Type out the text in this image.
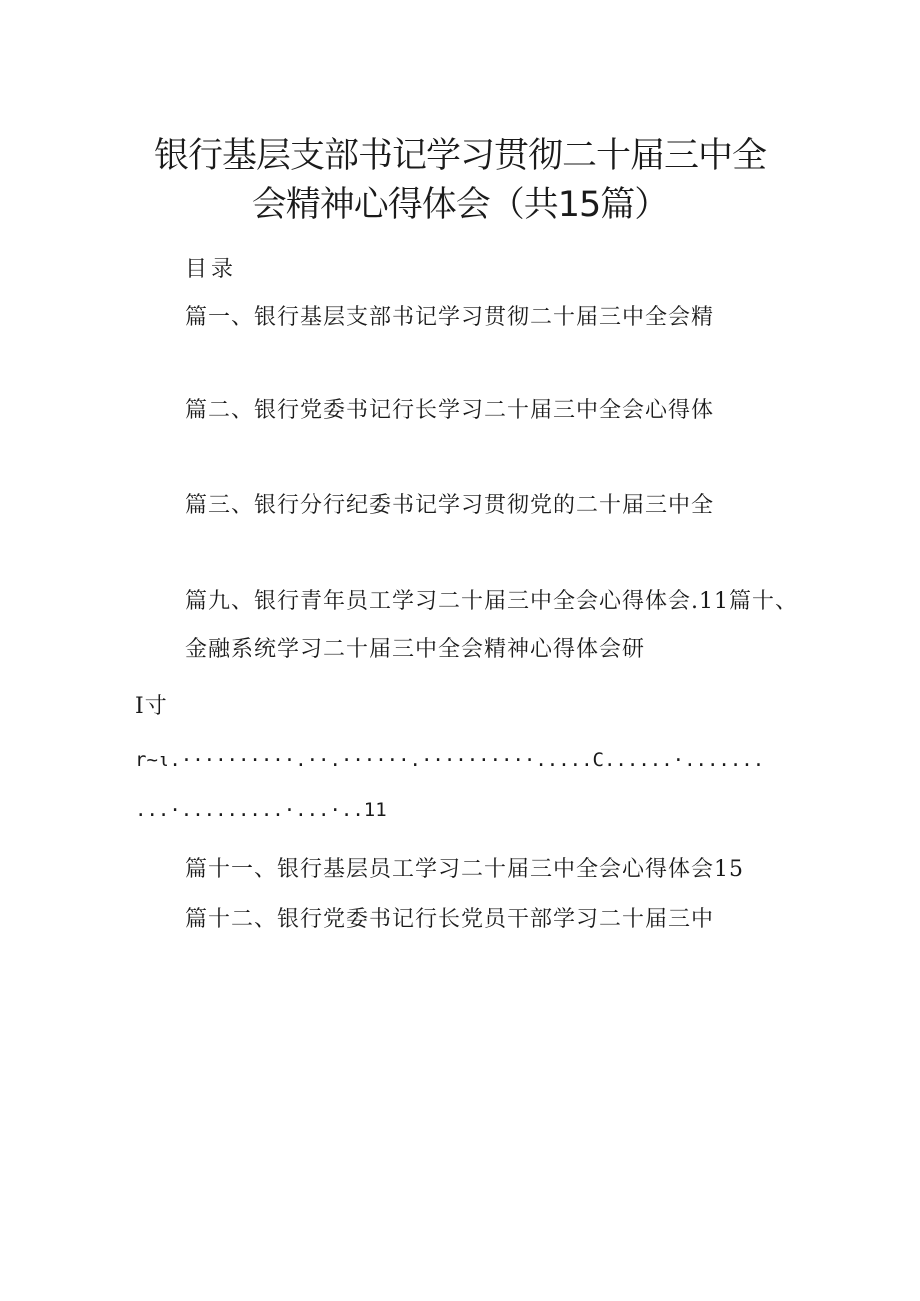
银行基层支部书记学习贯彻二十届三中全
会精神心得体会（共15篇）
目录
篇一、银行基层支部书记学习贯彻二十届三中全会精
篇二、银行党委书记行长学习二十届三中全会心得体
篇三、银行分行纪委书记学习贯彻党的二十届三中全
篇九、银行青年员工学习二十届三中全会心得体会.11篇十、
金融系统学习二十届三中全会精神心得体会研
I寸
r~ι.··········.··.······.··········.....C......·.......
...·.........·...·..11
篇十一、银行基层员工学习二十届三中全会心得体会15
篇十二、银行党委书记行长党员干部学习二十届三中
